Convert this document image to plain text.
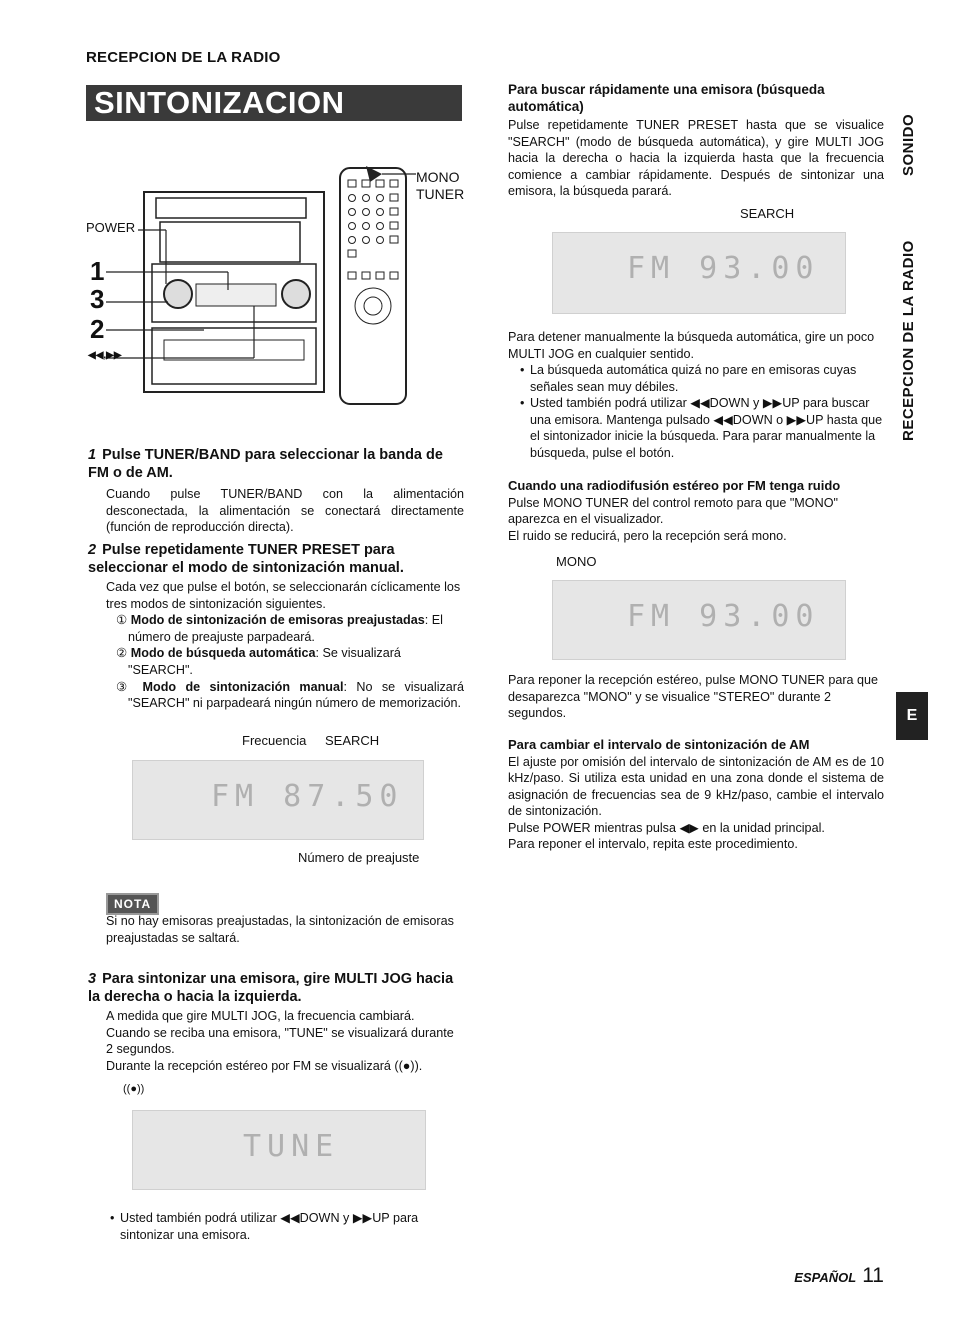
RECEPCION DE LA RADIO
SINTONIZACION MANUAL
POWER
MONO
TUNER
1
3
2
◀◀,▶▶
1 Pulse TUNER/BAND para seleccionar la banda de FM o de AM.
Cuando pulse TUNER/BAND con la alimentación desconectada, la alimentación se conectará directamente (función de reproducción directa).
2 Pulse repetidamente TUNER PRESET para seleccionar el modo de sintonización manual.
Cada vez que pulse el botón, se seleccionarán cíclicamente los tres modos de sintonización siguientes.
① Modo de sintonización de emisoras preajustadas: El número de preajuste parpadeará.
② Modo de búsqueda automática: Se visualizará "SEARCH".
③ Modo de sintonización manual: No se visualizará "SEARCH" ni parpadeará ningún número de memorización.
Frecuencia SEARCH
FM 87.50
Número de preajuste
NOTA
Si no hay emisoras preajustadas, la sintonización de emisoras preajustadas se saltará.
3 Para sintonizar una emisora, gire MULTI JOG hacia la derecha o hacia la izquierda.
A medida que gire MULTI JOG, la frecuencia cambiará.
Cuando se reciba una emisora, "TUNE" se visualizará durante 2 segundos.
Durante la recepción estéreo por FM se visualizará ((●)).
((●))
TUNE
• Usted también podrá utilizar ◀◀DOWN y ▶▶UP para sintonizar una emisora.
Para buscar rápidamente una emisora (búsqueda automática)
Pulse repetidamente TUNER PRESET hasta que se visualice "SEARCH" (modo de búsqueda automática), y gire MULTI JOG hacia la derecha o hacia la izquierda hasta que la frecuencia comience a cambiar rápidamente. Después de sintonizar una emisora, la búsqueda parará.
SEARCH
FM 93.00
Para detener manualmente la búsqueda automática, gire un poco MULTI JOG en cualquier sentido.
• La búsqueda automática quizá no pare en emisoras cuyas señales sean muy débiles.
• Usted también podrá utilizar ◀◀DOWN y ▶▶UP para buscar una emisora. Mantenga pulsado ◀◀DOWN o ▶▶UP hasta que el sintonizador inicie la búsqueda. Para parar manualmente la búsqueda, pulse el botón.
Cuando una radiodifusión estéreo por FM tenga ruido
Pulse MONO TUNER del control remoto para que "MONO" aparezca en el visualizador.
El ruido se reducirá, pero la recepción será mono.
MONO
FM 93.00
Para reponer la recepción estéreo, pulse MONO TUNER para que desaparezca "MONO" y se visualice "STEREO" durante 2 segundos.
Para cambiar el intervalo de sintonización de AM
El ajuste por omisión del intervalo de sintonización de AM es de 10 kHz/paso. Si utiliza esta unidad en una zona donde el sistema de asignación de frecuencias sea de 9 kHz/paso, cambie el intervalo de sintonización.
Pulse POWER mientras pulsa ◀▶ en la unidad principal.
Para reponer el intervalo, repita este procedimiento.
SONIDO
RECEPCION DE LA RADIO
E
ESPAÑOL 11
